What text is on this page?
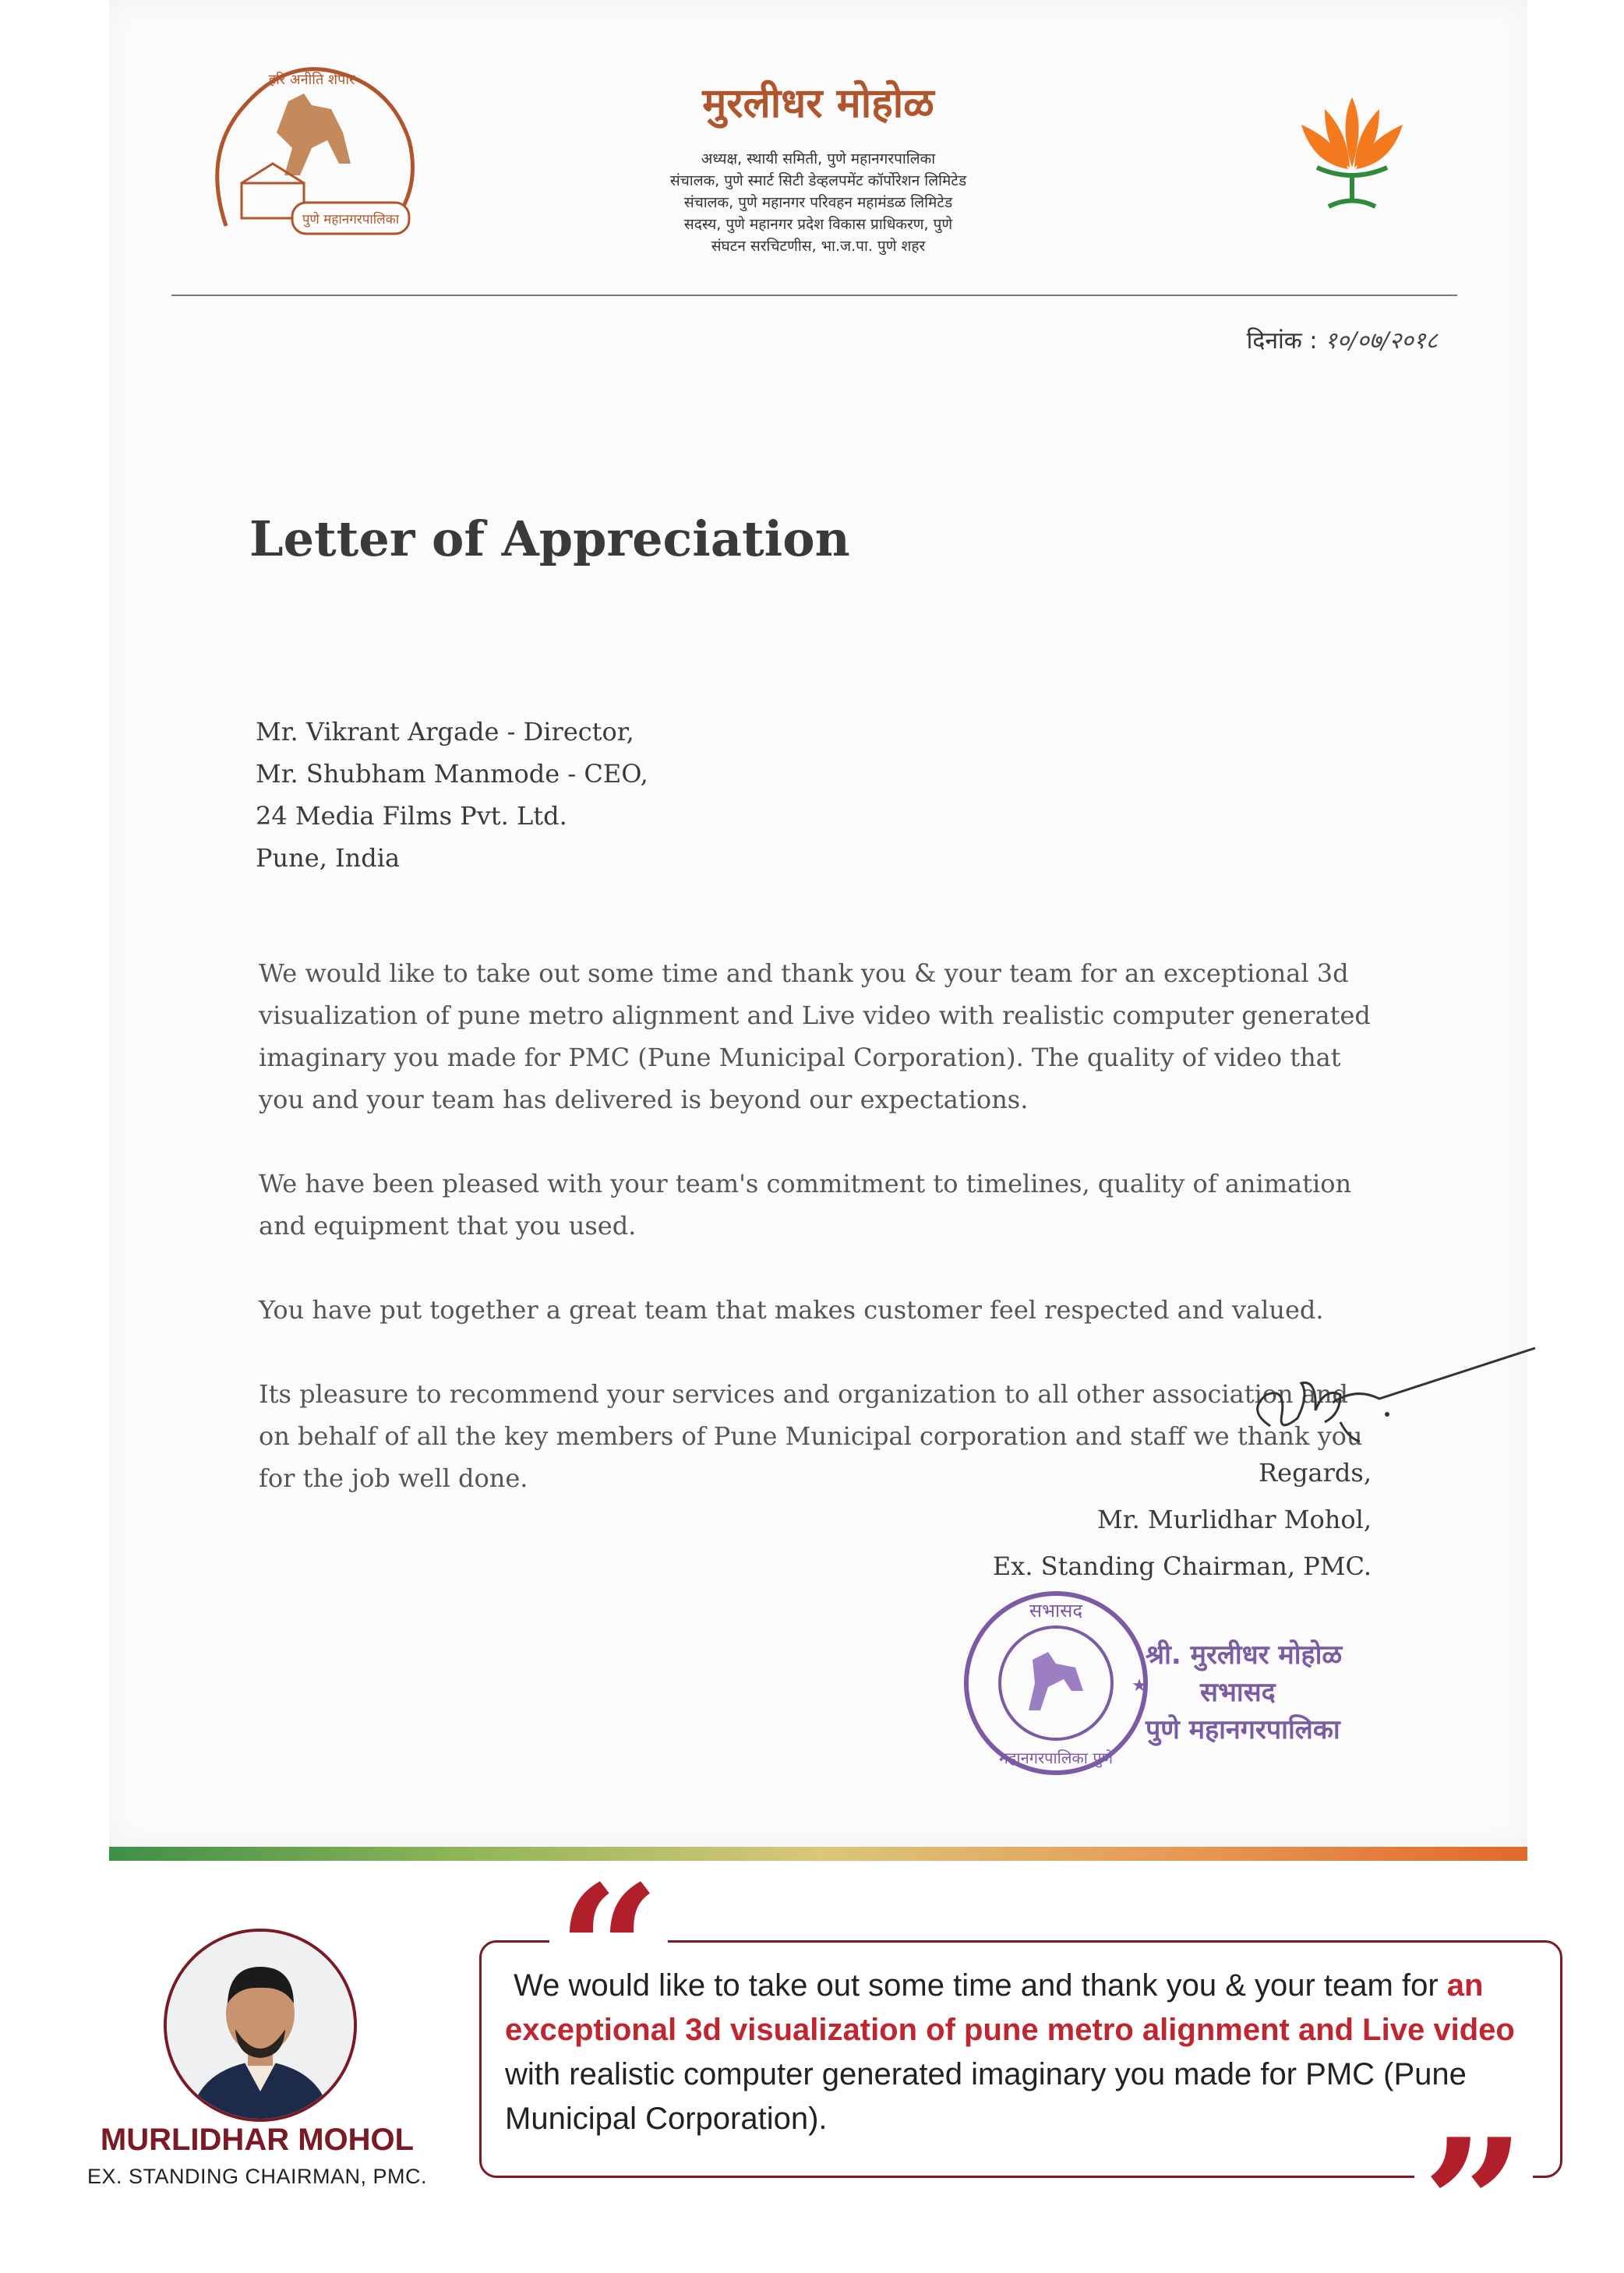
हरि अनीति शेपार
पुणे महानगरपालिका
मुरलीधर मोहोळ
अध्यक्ष, स्थायी समिती, पुणे महानगरपालिका
संचालक, पुणे स्मार्ट सिटी डेव्हलपमेंट कॉर्पोरेशन लिमिटेड
संचालक, पुणे महानगर परिवहन महामंडळ लिमिटेड
सदस्य, पुणे महानगर प्रदेश विकास प्राधिकरण, पुणे
संघटन सरचिटणीस, भा.ज.पा. पुणे शहर
दिनांक : १०/०७/२०१८
Letter of Appreciation
Mr. Vikrant Argade - Director,
Mr. Shubham Manmode - CEO,
24 Media Films Pvt. Ltd.
Pune, India

We would like to take out some time and thank you & your team for an exceptional 3d visualization of pune metro alignment and Live video with realistic computer generated imaginary you made for PMC (Pune Municipal Corporation). The quality of video that you and your team has delivered is beyond our expectations.

We have been pleased with your team's commitment to timelines, quality of animation and equipment that you used.

You have put together a great team that makes customer feel respected and valued.

Its pleasure to recommend your services and organization to all other association and on behalf of all the key members of Pune Municipal corporation and staff we thank you for the job well done.	Regards,
Mr. Murlidhar Mohol,
Ex. Standing Chairman, PMC.
सभासद
महानगरपालिका पुणे
★
श्री. मुरलीधर मोहोळ
सभासद
पुणे महानगरपालिका
MURLIDHAR MOHOL
EX. STANDING CHAIRMAN, PMC.
“
We would like to take out some time and thank you & your team for an exceptional 3d visualization of pune metro alignment and Live video with realistic computer generated imaginary you made for PMC (Pune Municipal Corporation).	”
